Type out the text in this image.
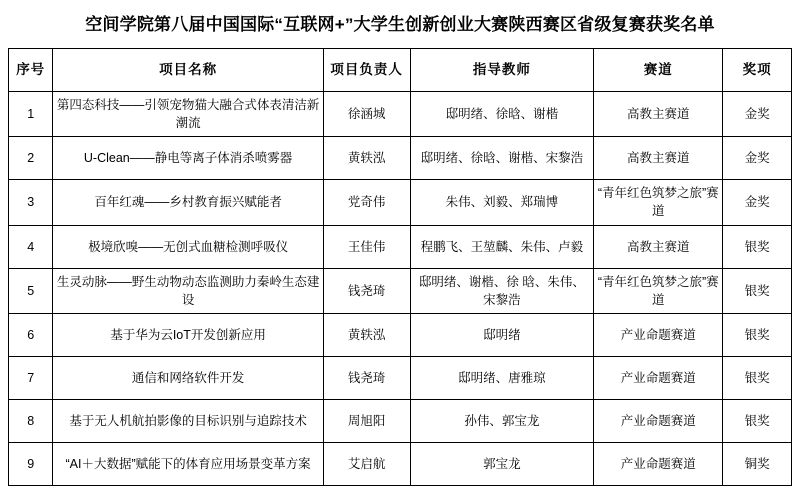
空间学院第八届中国国际“互联网+”大学生创新创业大赛陕西赛区省级复赛获奖名单
序号	项目名称	项目负责人	指导教师	赛道	奖项
1	第四态科技——引领宠物猫大融合式体表清洁新潮流	徐涵城	邸明绪、徐晗、谢楷	高教主赛道	金奖
2	U-Clean——静电等离子体消杀喷雾器	黄轶泓	邸明绪、徐晗、谢楷、宋黎浩	高教主赛道	金奖
3	百年红魂——乡村教育振兴赋能者	党奇伟	朱伟、刘毅、郑瑞博	“青年红色筑梦之旅”赛道	金奖
4	极境欣嗅——无创式血糖检测呼吸仪	王佳伟	程鹏飞、王堃麟、朱伟、卢毅	高教主赛道	银奖
5	生灵动脉——野生动物动态监测助力秦岭生态建设	钱尧琦	邸明绪、谢楷、徐 晗、朱伟、宋黎浩	“青年红色筑梦之旅”赛道	银奖
6	基于华为云IoT开发创新应用	黄轶泓	邸明绪	产业命题赛道	银奖
7	通信和网络软件开发	钱尧琦	邸明绪、唐雅琼	产业命题赛道	银奖
8	基于无人机航拍影像的目标识别与追踪技术	周旭阳	孙伟、郭宝龙	产业命题赛道	银奖
9	“AI＋大数据”赋能下的体育应用场景变革方案	艾启航	郭宝龙	产业命题赛道	铜奖
